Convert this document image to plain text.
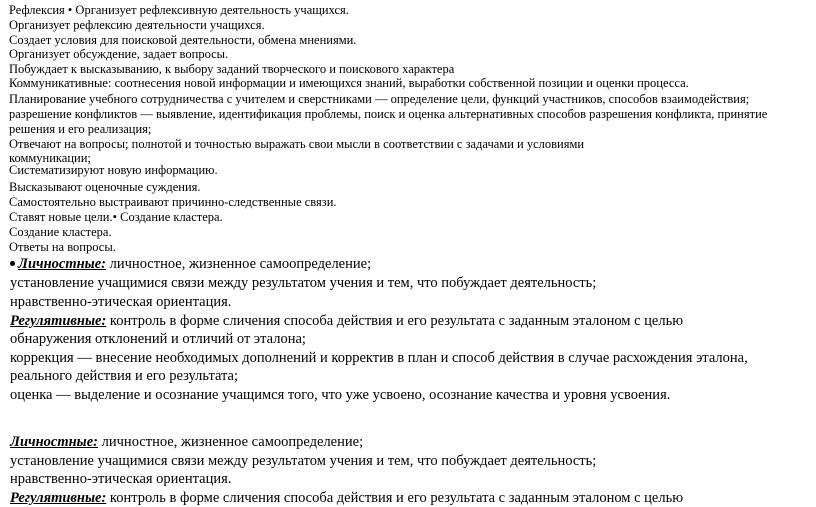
Рефлексия • Организует рефлексивную деятельность учащихся.
Организует рефлексию деятельности учащихся.
Создает условия для поисковой деятельности, обмена мнениями.
Организует обсуждение, задает вопросы.
Побуждает к высказыванию, к выбору заданий творческого и поискового характера
Коммуникативные: соотнесения новой информации и имеющихся знаний, выработки собственной позиции и оценки процесса.
Планирование учебного сотрудничества с учителем и сверстниками — определение цели, функций участников, способов взаимодействия;
разрешение конфликтов — выявление, идентификация проблемы, поиск и оценка альтернативных способов разрешения конфликта, принятие
решения и его реализация;
Отвечают на вопросы; полнотой и точностью выражать свои мысли в соответствии с задачами и условиями
коммуникации;
Систематизируют новую информацию.
Высказывают оценочные суждения.
Самостоятельно выстраивают причинно-следственные связи.
Ставят новые цели.• Создание кластера.
Создание кластера.
Ответы на вопросы.
Личностные: личностное, жизненное самоопределение;
установление учащимися связи между результатом учения и тем, что побуждает деятельность;
нравственно-этическая ориентация.
Регулятивные: контроль в форме сличения способа действия и его результата с заданным эталоном с целью
обнаружения отклонений и отличий от эталона;
коррекция — внесение необходимых дополнений и корректив в план и способ действия в случае расхождения эталона,
реального действия и его результата;
оценка — выделение и осознание учащимся того, что уже усвоено, осознание качества и уровня усвоения.
Личностные: личностное, жизненное самоопределение;
установление учащимися связи между результатом учения и тем, что побуждает деятельность;
нравственно-этическая ориентация.
Регулятивные: контроль в форме сличения способа действия и его результата с заданным эталоном с целью
